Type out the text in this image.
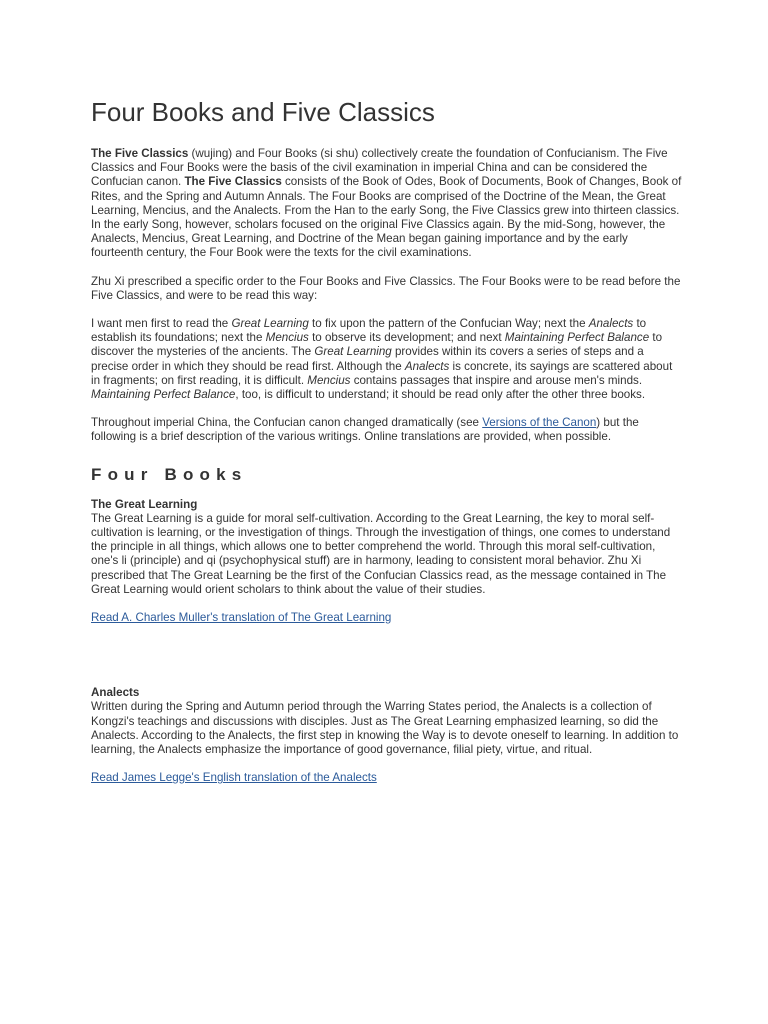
Four Books and Five Classics

The Five Classics (wujing) and Four Books (si shu) collectively create the foundation of Confucianism. The Five Classics and Four Books were the basis of the civil examination in imperial China and can be considered the Confucian canon. The Five Classics consists of the Book of Odes, Book of Documents, Book of Changes, Book of Rites, and the Spring and Autumn Annals. The Four Books are comprised of the Doctrine of the Mean, the Great Learning, Mencius, and the Analects. From the Han to the early Song, the Five Classics grew into thirteen classics. In the early Song, however, scholars focused on the original Five Classics again. By the mid-Song, however, the Analects, Mencius, Great Learning, and Doctrine of the Mean began gaining importance and by the early fourteenth century, the Four Book were the texts for the civil examinations.

Zhu Xi prescribed a specific order to the Four Books and Five Classics. The Four Books were to be read before the Five Classics, and were to be read this way:

I want men first to read the Great Learning to fix upon the pattern of the Confucian Way; next the Analects to establish its foundations; next the Mencius to observe its development; and next Maintaining Perfect Balance to discover the mysteries of the ancients. The Great Learning provides within its covers a series of steps and a precise order in which they should be read first. Although the Analects is concrete, its sayings are scattered about in fragments; on first reading, it is difficult. Mencius contains passages that inspire and arouse men's minds. Maintaining Perfect Balance, too, is difficult to understand; it should be read only after the other three books.

Throughout imperial China, the Confucian canon changed dramatically (see Versions of the Canon) but the following is a brief description of the various writings. Online translations are provided, when possible.

Four Books

The Great Learning
The Great Learning is a guide for moral self-cultivation. According to the Great Learning, the key to moral self-cultivation is learning, or the investigation of things. Through the investigation of things, one comes to understand the principle in all things, which allows one to better comprehend the world. Through this moral self-cultivation, one's li (principle) and qi (psychophysical stuff) are in harmony, leading to consistent moral behavior. Zhu Xi prescribed that The Great Learning be the first of the Confucian Classics read, as the message contained in The Great Learning would orient scholars to think about the value of their studies.

Read A. Charles Muller's translation of The Great Learning

Analects
Written during the Spring and Autumn period through the Warring States period, the Analects is a collection of Kongzi's teachings and discussions with disciples. Just as The Great Learning emphasized learning, so did the Analects. According to the Analects, the first step in knowing the Way is to devote oneself to learning. In addition to learning, the Analects emphasize the importance of good governance, filial piety, virtue, and ritual.

Read James Legge's English translation of the Analects
